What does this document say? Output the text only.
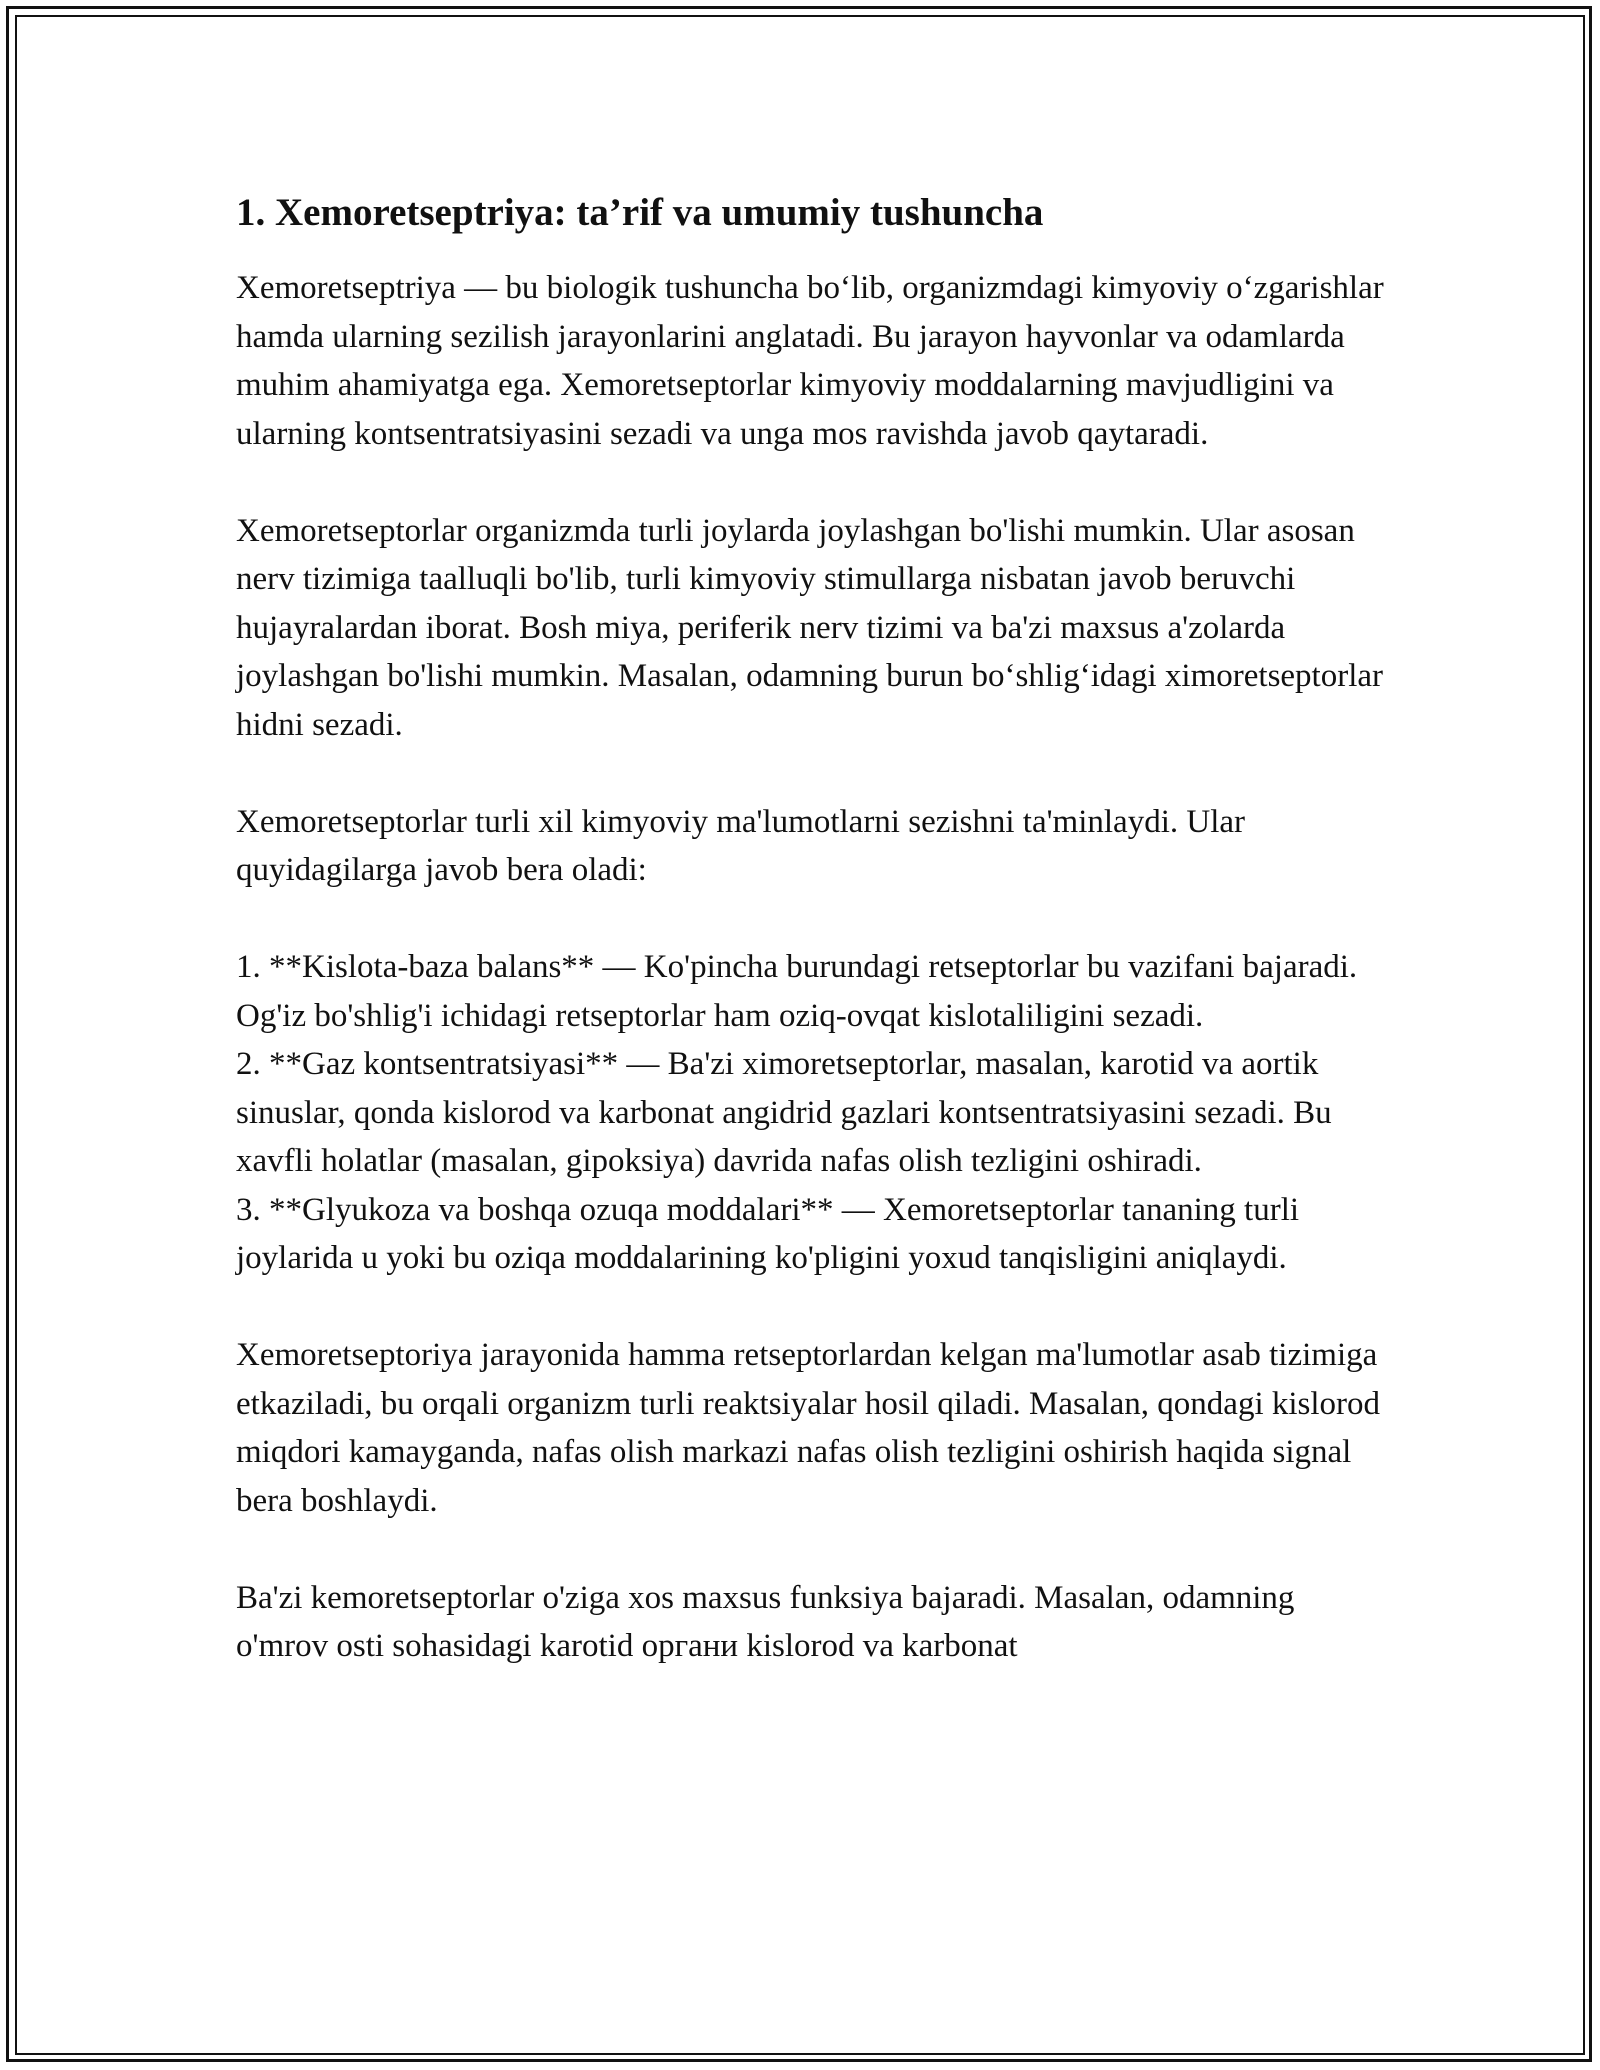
1. Xemoretseptriya: ta’rif va umumiy tushuncha

Xemoretseptriya — bu biologik tushuncha bo‘lib, organizmdagi kimyoviy o‘zgarishlar hamda ularning sezilish jarayonlarini anglatadi. Bu jarayon hayvonlar va odamlarda muhim ahamiyatga ega. Xemoretseptorlar kimyoviy moddalarning mavjudligini va ularning kontsentratsiyasini sezadi va unga mos ravishda javob qaytaradi.

Xemoretseptorlar organizmda turli joylarda joylashgan bo'lishi mumkin. Ular asosan nerv tizimiga taalluqli bo'lib, turli kimyoviy stimullarga nisbatan javob beruvchi hujayralardan iborat. Bosh miya, periferik nerv tizimi va ba'zi maxsus a'zolarda joylashgan bo'lishi mumkin. Masalan, odamning burun bo‘shlig‘idagi ximoretseptorlar hidni sezadi.

Xemoretseptorlar turli xil kimyoviy ma'lumotlarni sezishni ta'minlaydi. Ular quyidagilarga javob bera oladi:

1. **Kislota-baza balans** — Ko'pincha burundagi retseptorlar bu vazifani bajaradi. Og'iz bo'shlig'i ichidagi retseptorlar ham oziq-ovqat kislotaliligini sezadi.

2. **Gaz kontsentratsiyasi** — Ba'zi ximoretseptorlar, masalan, karotid va aortik sinuslar, qonda kislorod va karbonat angidrid gazlari kontsentratsiyasini sezadi. Bu xavfli holatlar (masalan, gipoksiya) davrida nafas olish tezligini oshiradi.

3. **Glyukoza va boshqa ozuqa moddalari** — Xemoretseptorlar tananing turli joylarida u yoki bu oziqa moddalarining ko'pligini yoxud tanqisligini aniqlaydi.

Xemoretseptoriya jarayonida hamma retseptorlardan kelgan ma'lumotlar asab tizimiga etkaziladi, bu orqali organizm turli reaktsiyalar hosil qiladi. Masalan, qondagi kislorod miqdori kamayganda, nafas olish markazi nafas olish tezligini oshirish haqida signal bera boshlaydi.

Ba'zi kemoretseptorlar o'ziga xos maxsus funksiya bajaradi. Masalan, odamning o'mrov osti sohasidagi karotid органи kislorod va karbonat
